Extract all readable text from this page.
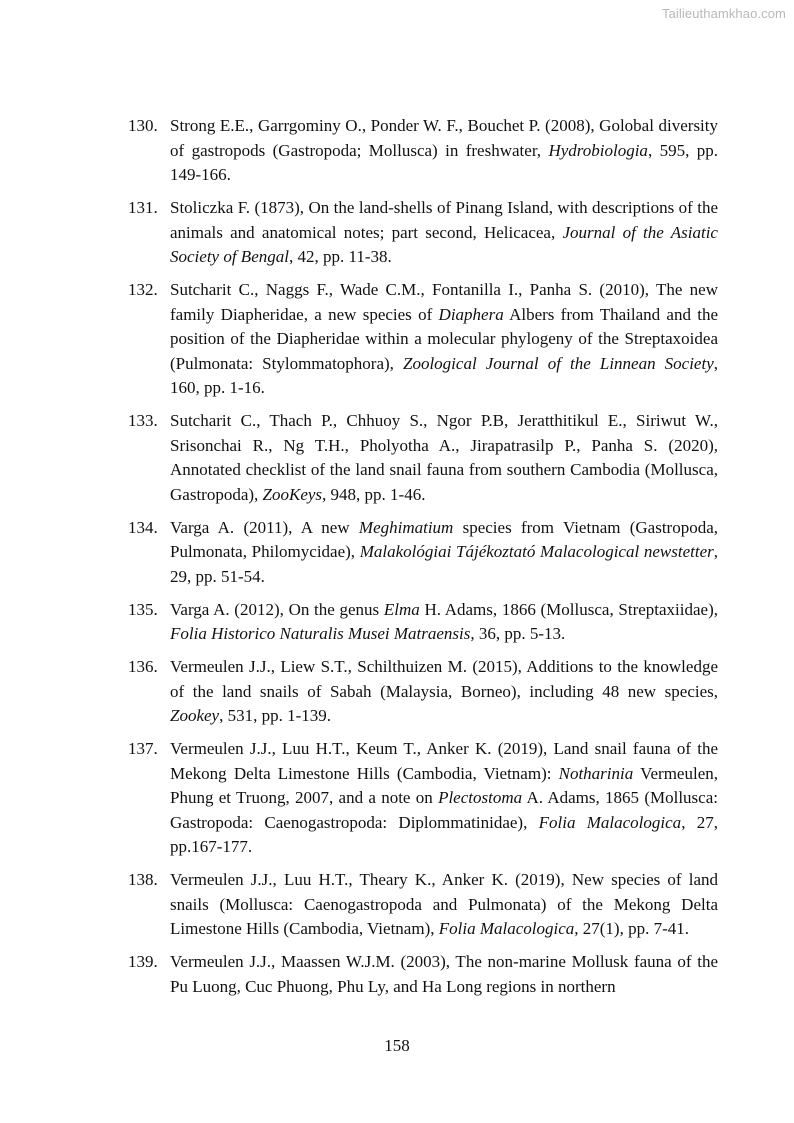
Tailieuthamkhao.com
130. Strong E.E., Garrgominy O., Ponder W. F., Bouchet P. (2008), Golobal diversity of gastropods (Gastropoda; Mollusca) in freshwater, Hydrobiologia, 595, pp. 149-166.
131. Stoliczka F. (1873), On the land-shells of Pinang Island, with descriptions of the animals and anatomical notes; part second, Helicacea, Journal of the Asiatic Society of Bengal, 42, pp. 11-38.
132. Sutcharit C., Naggs F., Wade C.M., Fontanilla I., Panha S. (2010), The new family Diapheridae, a new species of Diaphera Albers from Thailand and the position of the Diapheridae within a molecular phylogeny of the Streptaxoidea (Pulmonata: Stylommatophora), Zoological Journal of the Linnean Society, 160, pp. 1-16.
133. Sutcharit C., Thach P., Chhuoy S., Ngor P.B, Jeratthitikul E., Siriwut W., Srisonchai R., Ng T.H., Pholyotha A., Jirapatrasilp P., Panha S. (2020), Annotated checklist of the land snail fauna from southern Cambodia (Mollusca, Gastropoda), ZooKeys, 948, pp. 1-46.
134. Varga A. (2011), A new Meghimatium species from Vietnam (Gastropoda, Pulmonata, Philomycidae), Malakológiai Tájékoztató Malacological newstetter, 29, pp. 51-54.
135. Varga A. (2012), On the genus Elma H. Adams, 1866 (Mollusca, Streptaxiidae), Folia Historico Naturalis Musei Matraensis, 36, pp. 5-13.
136. Vermeulen J.J., Liew S.T., Schilthuizen M. (2015), Additions to the knowledge of the land snails of Sabah (Malaysia, Borneo), including 48 new species, Zookey, 531, pp. 1-139.
137. Vermeulen J.J., Luu H.T., Keum T., Anker K. (2019), Land snail fauna of the Mekong Delta Limestone Hills (Cambodia, Vietnam): Notharinia Vermeulen, Phung et Truong, 2007, and a note on Plectostoma A. Adams, 1865 (Mollusca: Gastropoda: Caenogastropoda: Diplommatinidae), Folia Malacologica, 27, pp.167-177.
138. Vermeulen J.J., Luu H.T., Theary K., Anker K. (2019), New species of land snails (Mollusca: Caenogastropoda and Pulmonata) of the Mekong Delta Limestone Hills (Cambodia, Vietnam), Folia Malacologica, 27(1), pp. 7-41.
139. Vermeulen J.J., Maassen W.J.M. (2003), The non-marine Mollusk fauna of the Pu Luong, Cuc Phuong, Phu Ly, and Ha Long regions in northern
158
